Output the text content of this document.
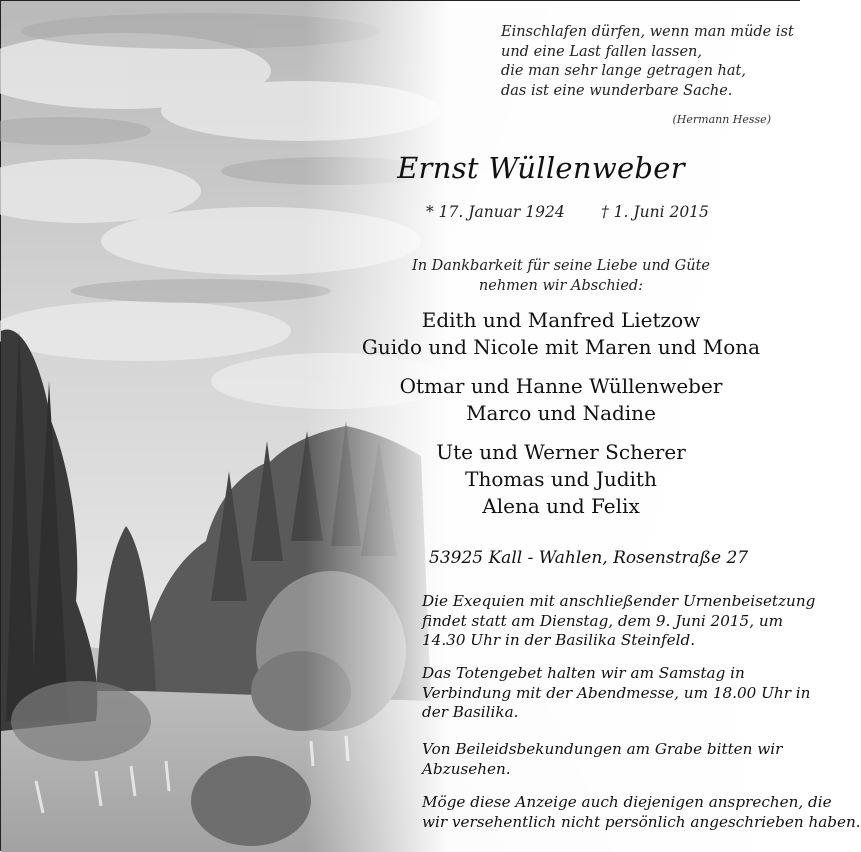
Einschlafen dürfen, wenn man müde ist
und eine Last fallen lassen,
die man sehr lange getragen hat,
das ist eine wunderbare Sache.
(Hermann Hesse)
Ernst Wüllenweber
* 17. Januar 1924 † 1. Juni 2015
In Dankbarkeit für seine Liebe und Güte
nehmen wir Abschied:
Edith und Manfred Lietzow
Guido und Nicole mit Maren und Mona
Otmar und Hanne Wüllenweber
Marco und Nadine
Ute und Werner Scherer
Thomas und Judith
Alena und Felix
53925 Kall - Wahlen, Rosenstraße 27
Die Exequien mit anschließender Urnenbeisetzung
findet statt am Dienstag, dem 9. Juni 2015, um
14.30 Uhr in der Basilika Steinfeld.
Das Totengebet halten wir am Samstag in
Verbindung mit der Abendmesse, um 18.00 Uhr in
der Basilika.
Von Beileidsbekundungen am Grabe bitten wir
Abzusehen.
Möge diese Anzeige auch diejenigen ansprechen, die
wir versehentlich nicht persönlich angeschrieben haben.
